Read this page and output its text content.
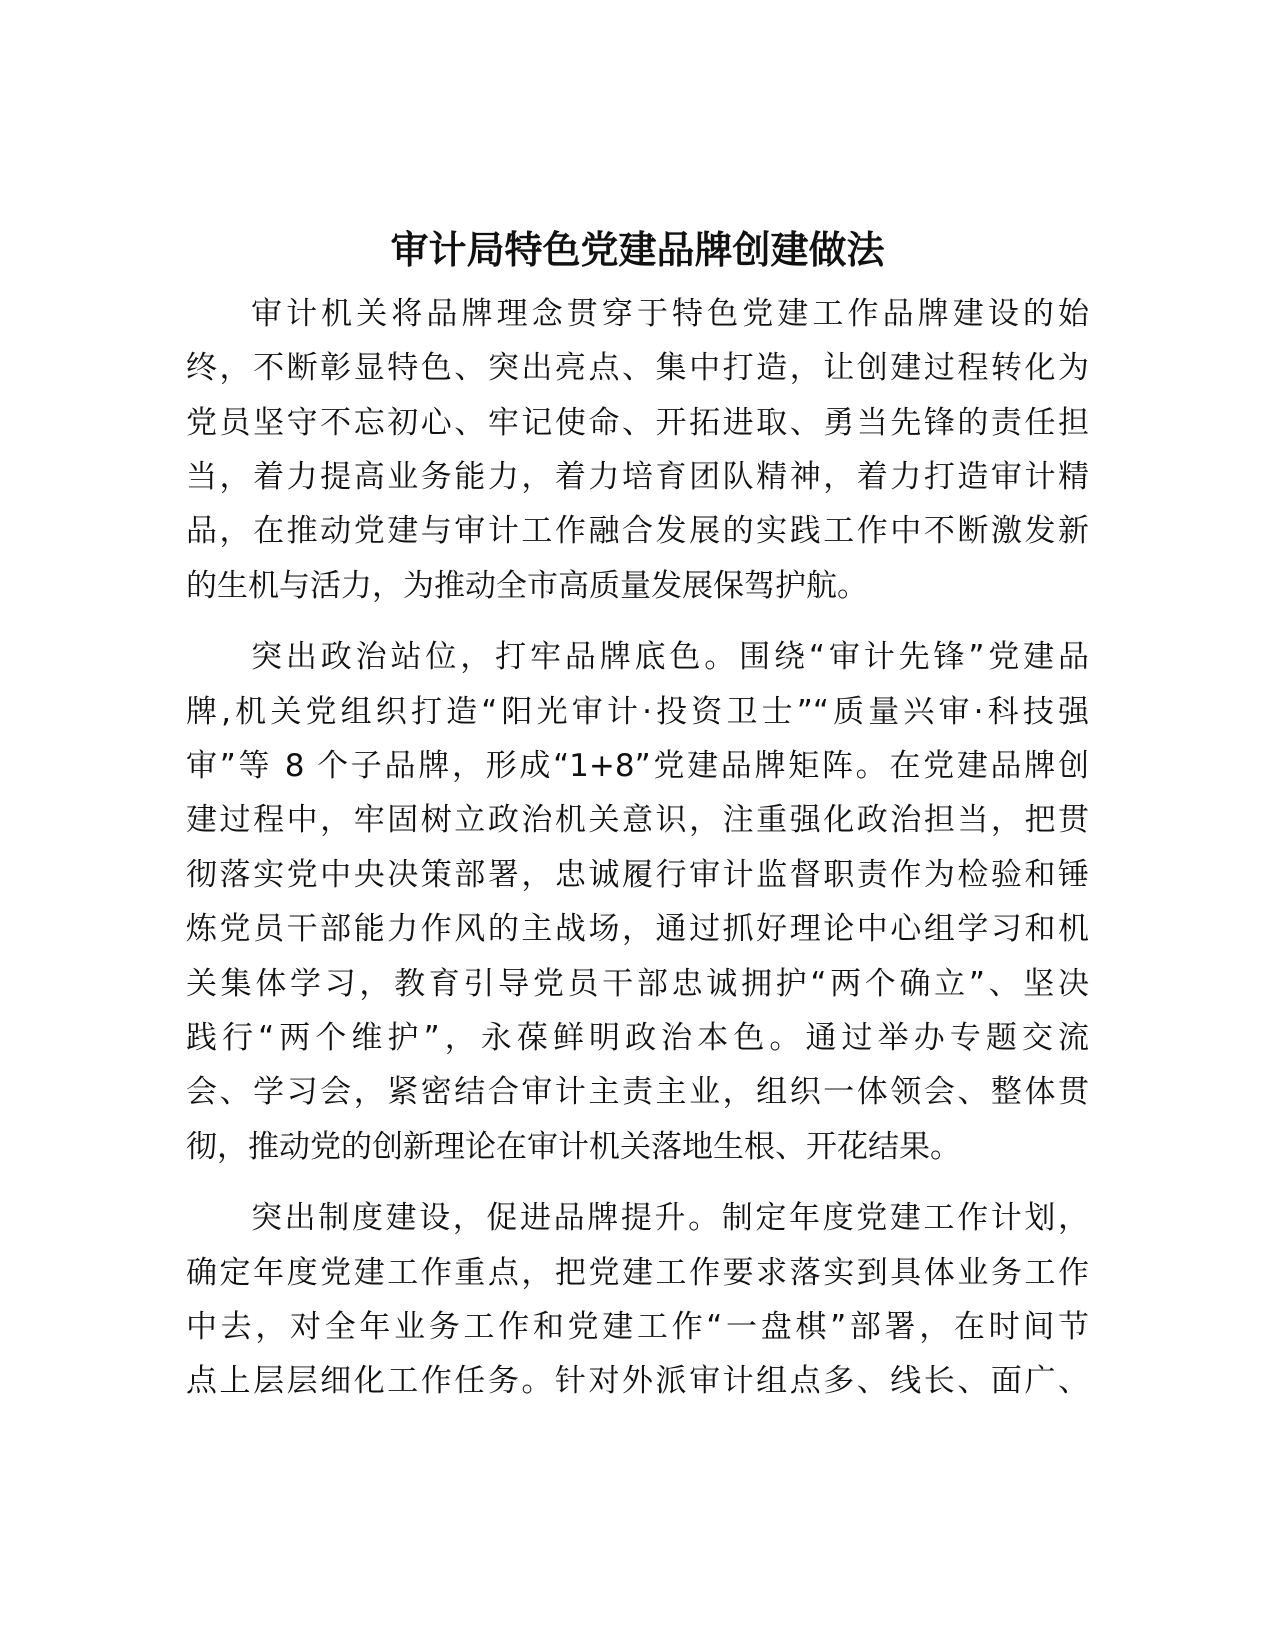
审计局特色党建品牌创建做法
审计机关将品牌理念贯穿于特色党建工作品牌建设的始
终，不断彰显特色、突出亮点、集中打造，让创建过程转化为
党员坚守不忘初心、牢记使命、开拓进取、勇当先锋的责任担
当，着力提高业务能力，着力培育团队精神，着力打造审计精
品，在推动党建与审计工作融合发展的实践工作中不断激发新
的生机与活力，为推动全市高质量发展保驾护航。
突出政治站位，打牢品牌底色。围绕“审计先锋”党建品
牌,机关党组织打造“阳光审计·投资卫士”“质量兴审·科技强
审”等 8 个子品牌，形成“1+8”党建品牌矩阵。在党建品牌创
建过程中，牢固树立政治机关意识，注重强化政治担当，把贯
彻落实党中央决策部署，忠诚履行审计监督职责作为检验和锤
炼党员干部能力作风的主战场，通过抓好理论中心组学习和机
关集体学习，教育引导党员干部忠诚拥护“两个确立”、坚决
践行“两个维护”，永葆鲜明政治本色。通过举办专题交流
会、学习会，紧密结合审计主责主业，组织一体领会、整体贯
彻，推动党的创新理论在审计机关落地生根、开花结果。
突出制度建设，促进品牌提升。制定年度党建工作计划，
确定年度党建工作重点，把党建工作要求落实到具体业务工作
中去，对全年业务工作和党建工作“一盘棋”部署，在时间节
点上层层细化工作任务。针对外派审计组点多、线长、面广、
